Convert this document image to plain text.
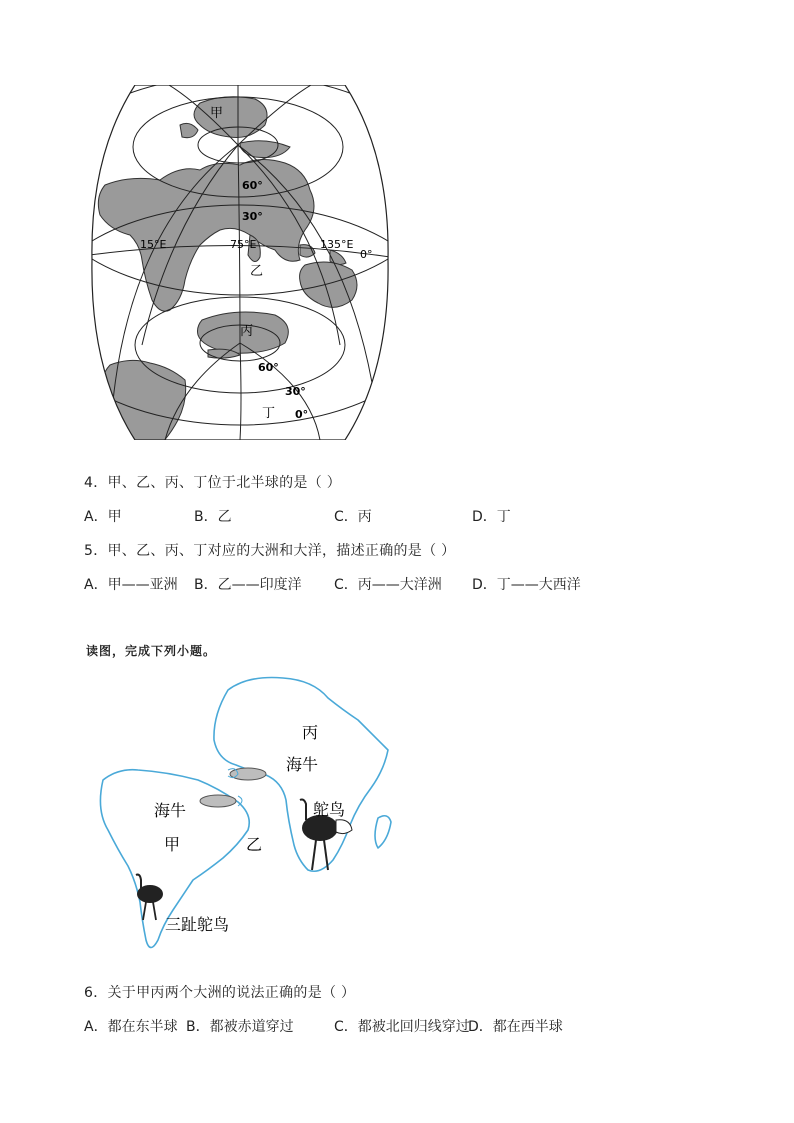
甲
60°
30°
15°E	75°E	135°E
0°
乙
丙
60°
30°
丁 0°
4．甲、乙、丙、丁位于北半球的是（ ）
A．甲	B．乙	C．丙	D．丁
5．甲、乙、丙、丁对应的大洲和大洋，描述正确的是（ ）
A．甲——亚洲 B．乙——印度洋 C．丙——大洋洲 D．丁——大西洋
读图，完成下列小题。
丙
海牛
鸵鸟
海牛
甲	乙
三趾鸵鸟
6．关于甲丙两个大洲的说法正确的是（ ）
A．都在东半球 B．都被赤道穿过	C．都被北回归线穿过
D．都在西半球
